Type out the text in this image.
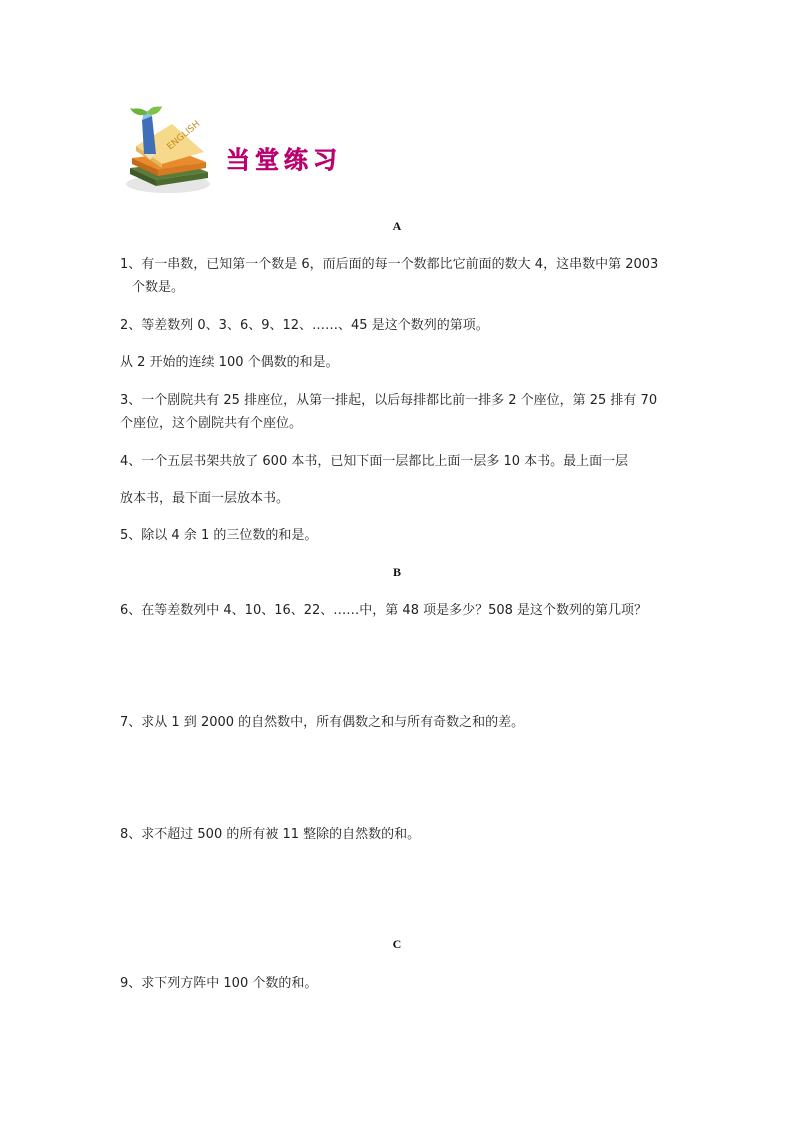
ENGLISH
当堂练习
A
1、有一串数，已知第一个数是 6，而后面的每一个数都比它前面的数大 4，这串数中第 2003
个数是。
2、等差数列 0、3、6、9、12、……、45 是这个数列的第项。
从 2 开始的连续 100 个偶数的和是。
3、一个剧院共有 25 排座位，从第一排起，以后每排都比前一排多 2 个座位，第 25 排有 70
个座位，这个剧院共有个座位。
4、一个五层书架共放了 600 本书，已知下面一层都比上面一层多 10 本书。最上面一层
放本书，最下面一层放本书。
5、除以 4 余 1 的三位数的和是。
B
6、在等差数列中 4、10、16、22、……中，第 48 项是多少？508 是这个数列的第几项？
7、求从 1 到 2000 的自然数中，所有偶数之和与所有奇数之和的差。
8、求不超过 500 的所有被 11 整除的自然数的和。
C
9、求下列方阵中 100 个数的和。
